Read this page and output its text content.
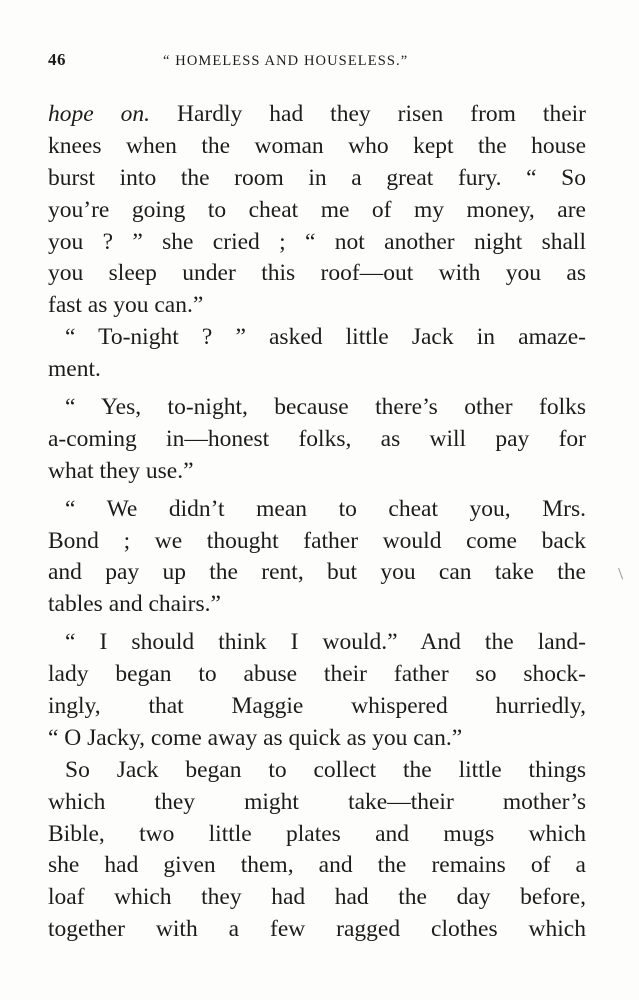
46	“ HOMELESS AND HOUSELESS.”
hope on. Hardly had they risen from their
knees when the woman who kept the house
burst into the room in a great fury. “ So
you’re going to cheat me of my money, are
you ? ” she cried ; “ not another night shall
you sleep under this roof—out with you as
fast as you can.”
“ To-night ? ” asked little Jack in amaze-
ment.
“ Yes, to-night, because there’s other folks
a-coming in—honest folks, as will pay for
what they use.”
“ We didn’t mean to cheat you, Mrs.
Bond ; we thought father would come back
and pay up the rent, but you can take the
tables and chairs.”
“ I should think I would.” And the land-
lady began to abuse their father so shock-
ingly, that Maggie whispered hurriedly,
“ O Jacky, come away as quick as you can.”
So Jack began to collect the little things
which they might take—their mother’s
Bible, two little plates and mugs which
she had given them, and the remains of a
loaf which they had had the day before,
together with a few ragged clothes which
